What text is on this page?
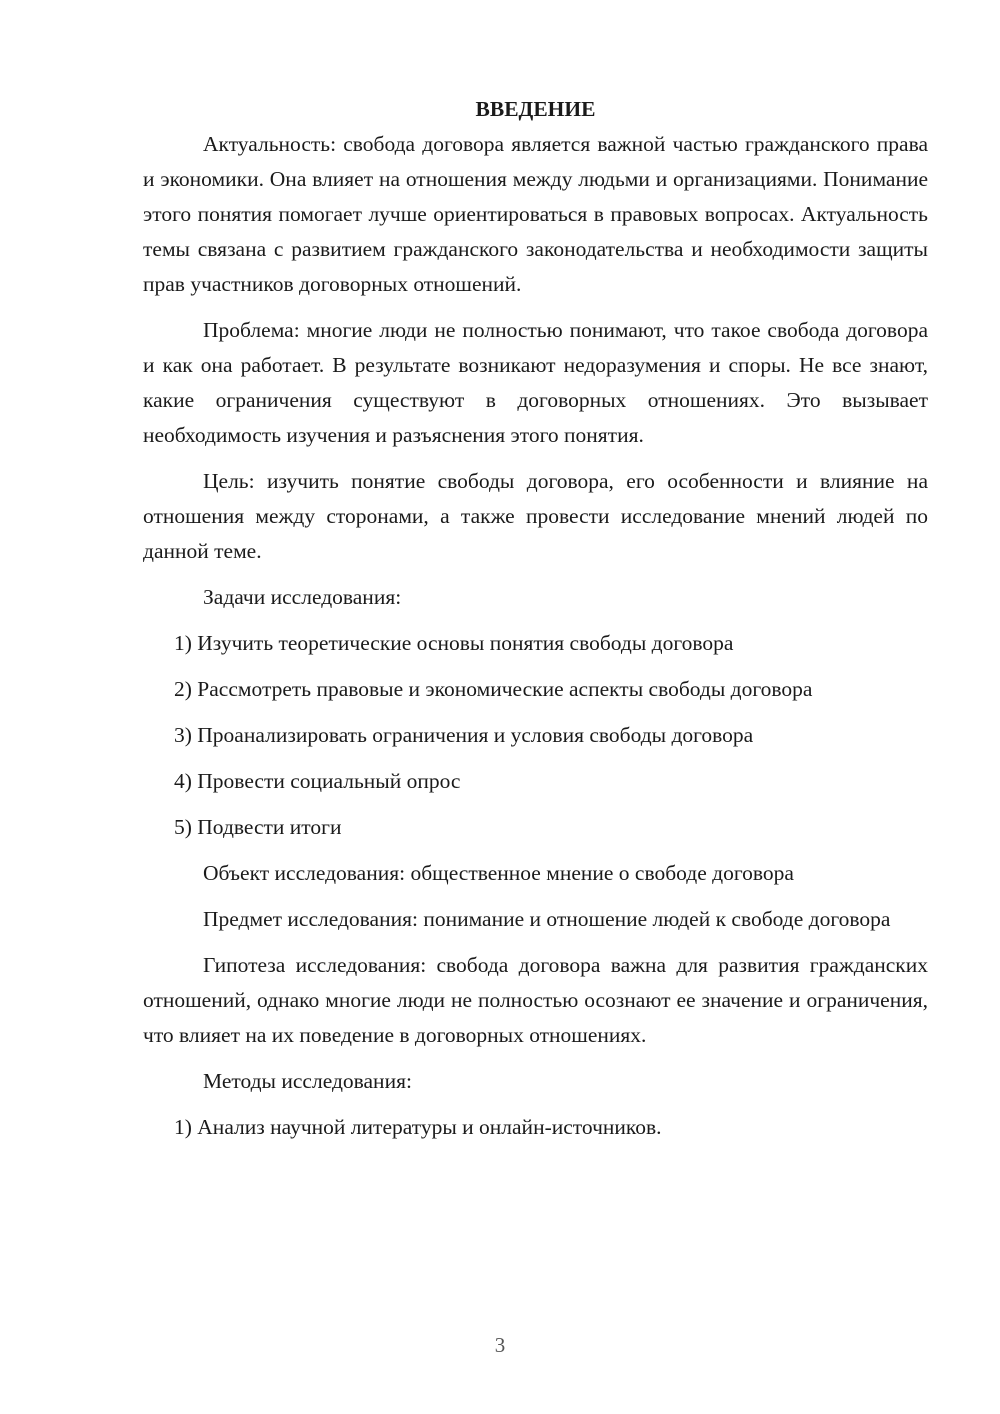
ВВЕДЕНИЕ

Актуальность: свобода договора является важной частью гражданского права и экономики. Она влияет на отношения между людьми и организациями. Понимание этого понятия помогает лучше ориентироваться в правовых вопросах. Актуальность темы связана с развитием гражданского законодательства и необходимости защиты прав участников договорных отношений.

Проблема: многие люди не полностью понимают, что такое свобода договора и как она работает. В результате возникают недоразумения и споры. Не все знают, какие ограничения существуют в договорных отношениях. Это вызывает необходимость изучения и разъяснения этого понятия.

Цель: изучить понятие свободы договора, его особенности и влияние на отношения между сторонами, а также провести исследование мнений людей по данной теме.

Задачи исследования:

1) Изучить теоретические основы понятия свободы договора

2) Рассмотреть правовые и экономические аспекты свободы договора

3) Проанализировать ограничения и условия свободы договора

4) Провести социальный опрос

5) Подвести итоги

Объект исследования: общественное мнение о свободе договора

Предмет исследования: понимание и отношение людей к свободе договора

Гипотеза исследования: свобода договора важна для развития гражданских отношений, однако многие люди не полностью осознают ее значение и ограничения, что влияет на их поведение в договорных отношениях.

Методы исследования:

1) Анализ научной литературы и онлайн-источников.

3
